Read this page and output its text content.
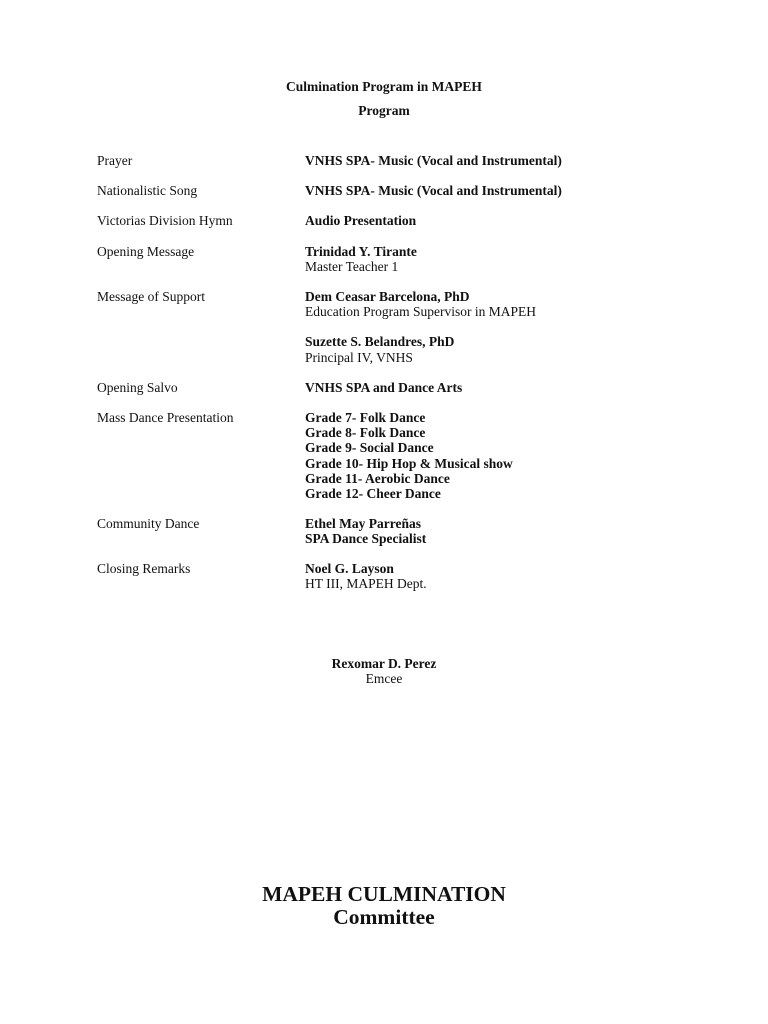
Culmination Program in MAPEH
Program
Prayer	VNHS SPA- Music (Vocal and Instrumental)
Nationalistic Song	VNHS SPA- Music (Vocal and Instrumental)
Victorias Division Hymn	Audio Presentation
Opening Message	Trinidad Y. Tirante
Master Teacher 1
Message of Support	Dem Ceasar Barcelona, PhD
Education Program Supervisor in MAPEH
Suzette S. Belandres, PhD
Principal IV, VNHS
Opening Salvo	VNHS SPA and Dance Arts
Mass Dance Presentation	Grade 7- Folk Dance
Grade 8- Folk Dance
Grade 9- Social Dance
Grade 10- Hip Hop & Musical show
Grade 11- Aerobic Dance
Grade 12- Cheer Dance
Community Dance	Ethel May Parreñas
SPA Dance Specialist
Closing Remarks	Noel G. Layson
HT III, MAPEH Dept.
Rexomar D. Perez
Emcee
MAPEH CULMINATION
Committee
